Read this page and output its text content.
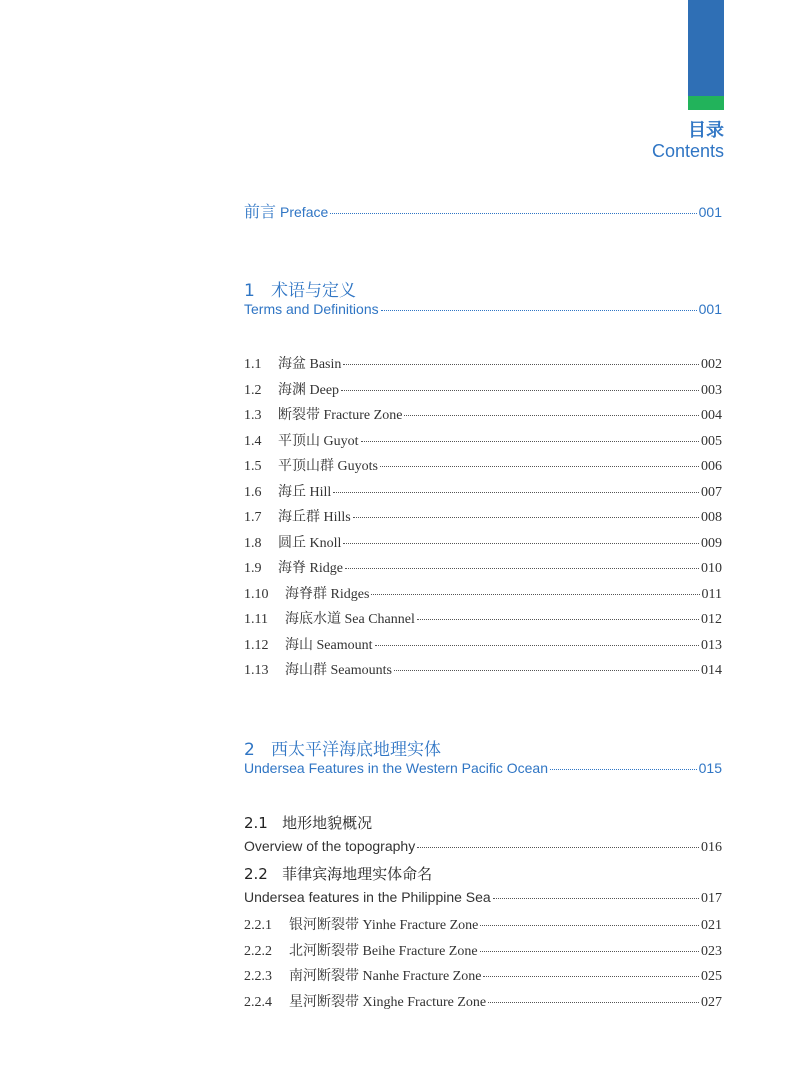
目录
Contents
前言 Preface	001
1 术语与定义
Terms and Definitions	001
1.1	海盆 Basin	002
1.2	海渊 Deep	003
1.3	断裂带 Fracture Zone	004
1.4	平顶山 Guyot	005
1.5	平顶山群 Guyots	006
1.6	海丘 Hill	007
1.7	海丘群 Hills	008
1.8	圆丘 Knoll	009
1.9	海脊 Ridge	010
1.10	海脊群 Ridges	011
1.11	海底水道 Sea Channel	012
1.12	海山 Seamount	013
1.13	海山群 Seamounts	014
2 西太平洋海底地理实体
Undersea Features in the Western Pacific Ocean	015
2.1 地形地貌概况
Overview of the topography	016
2.2 菲律宾海地理实体命名
Undersea features in the Philippine Sea	017
2.2.1	银河断裂带 Yinhe Fracture Zone	021
2.2.2	北河断裂带 Beihe Fracture Zone	023
2.2.3	南河断裂带 Nanhe Fracture Zone	025
2.2.4	星河断裂带 Xinghe Fracture Zone	027
